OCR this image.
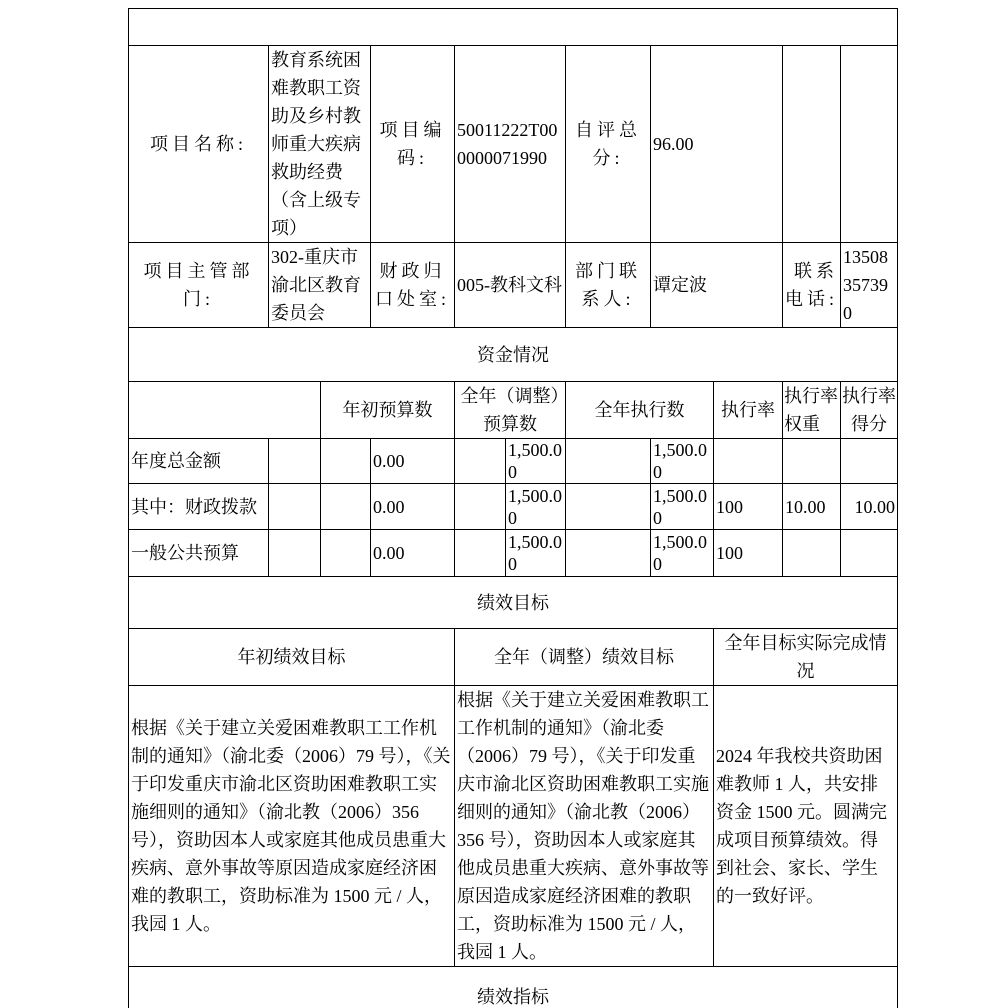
项目名称:	教育系统困难教职工资助及乡村教师重大疾病救助经费（含上级专项）		项目编码:	50011222T000000071990		自评总分:	96.00			
项目主管部门:	302-重庆市渝北区教育委员会		财政归口处室:	005-教科文科		部门联系人:	谭定波		联系电话:	13508357390
资金情况										
		年初预算数		全年（调整）预算数		全年执行数		执行率	执行率权重	执行率得分
年度总金额			0.00		1,500.00		1,500.00			
其中：财政拨款			0.00		1,500.00		1,500.00	100	10.00	10.00
一般公共预算			0.00		1,500.00		1,500.00	100		
绩效目标										
年初绩效目标				全年（调整）绩效目标				全年目标实际完成情况		
根据《关于建立关爱困难教职工工作机制的通知》（渝北委（2006）79 号），《关于印发重庆市渝北区资助困难教职工实施细则的通知》（渝北教（2006）356 号），资助因本人或家庭其他成员患重大疾病、意外事故等原因造成家庭经济困难的教职工，资助标准为 1500 元 / 人，我园 1 人。				根据《关于建立关爱困难教职工工作机制的通知》（渝北委（2006）79 号），《关于印发重庆市渝北区资助困难教职工实施细则的通知》（渝北教（2006）356 号），资助因本人或家庭其他成员患重大疾病、意外事故等原因造成家庭经济困难的教职工，资助标准为 1500 元 / 人，我园 1 人。				2024 年我校共资助困难教师 1 人，共安排资金 1500 元。圆满完成项目预算绩效。得到社会、家长、学生的一致好评。		
绩效指标										
